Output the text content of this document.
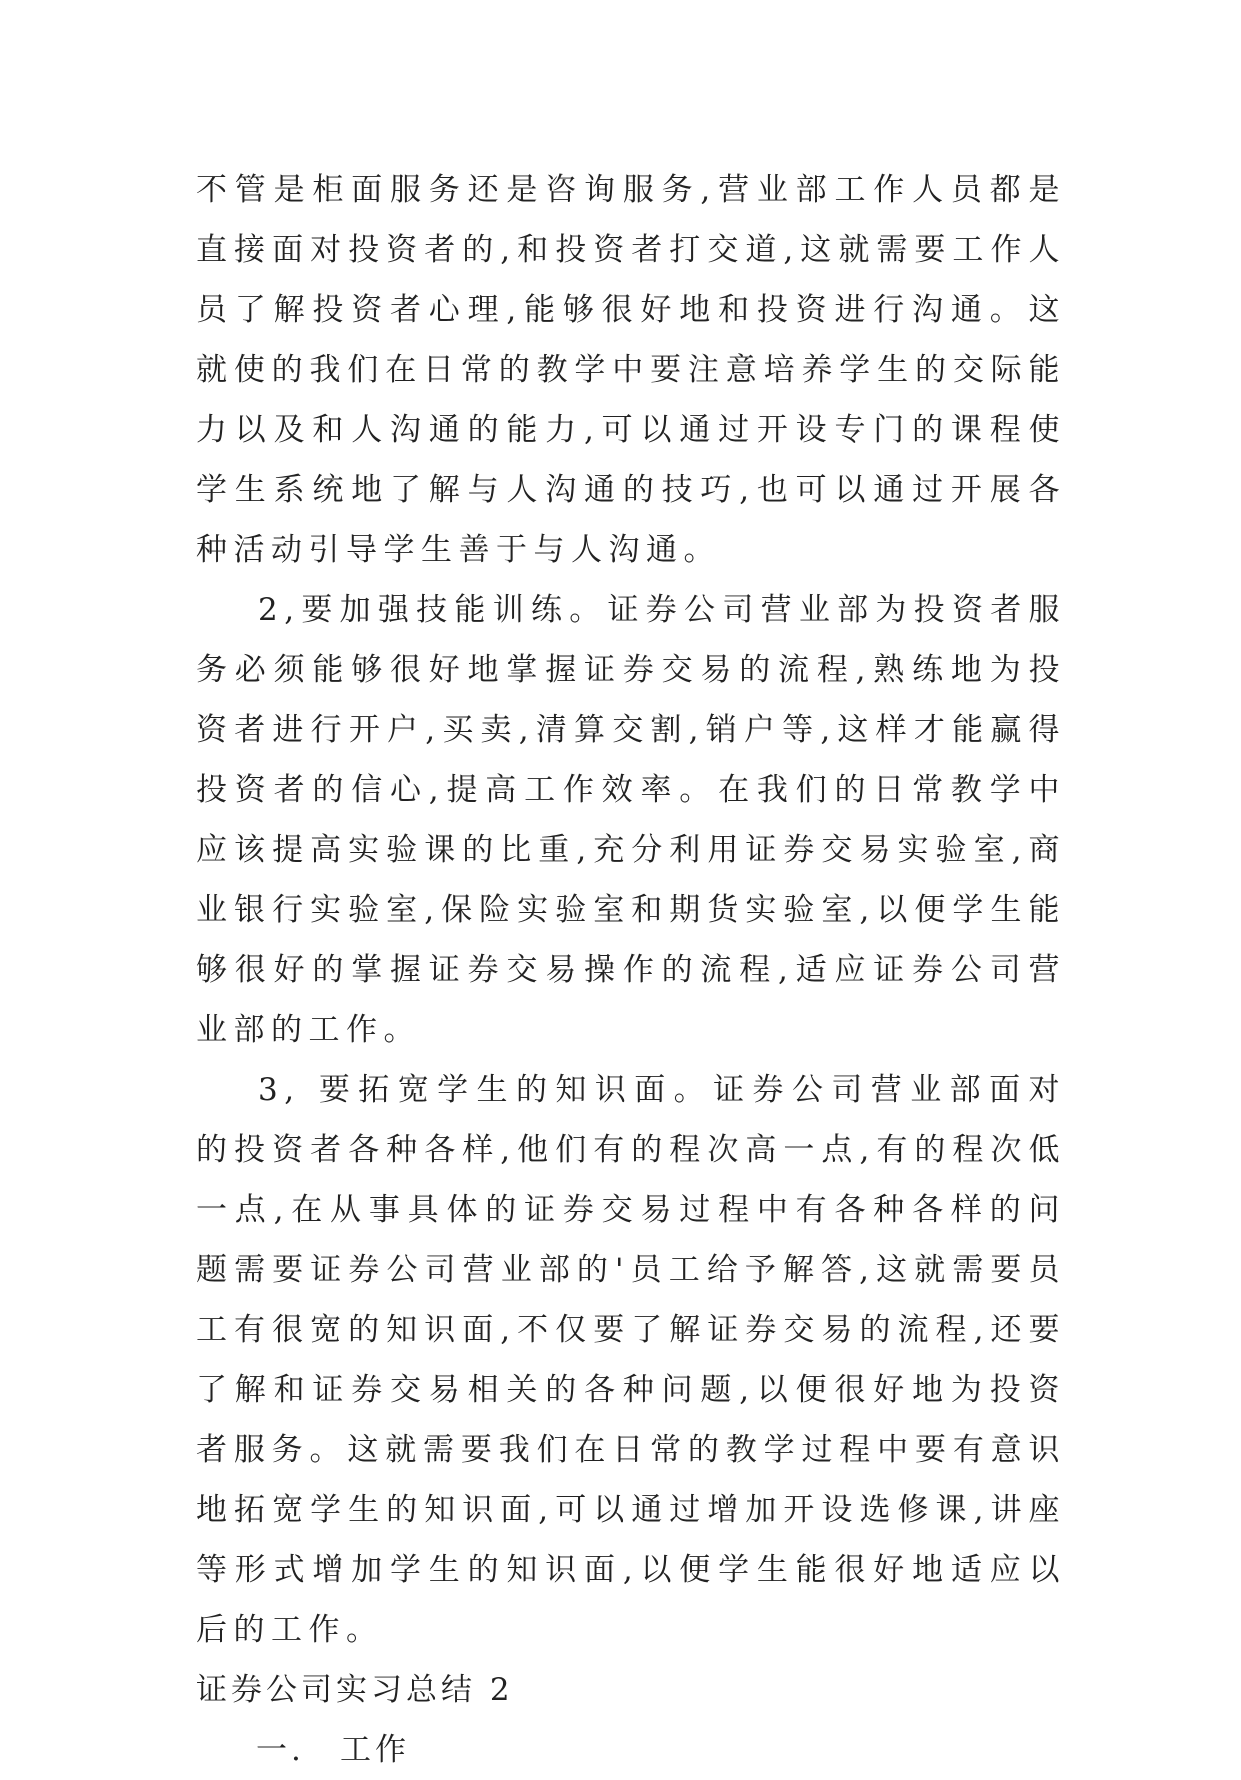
不管是柜面服务还是咨询服务,营业部工作人员都是直接面对投资者的,和投资者打交道,这就需要工作人员了解投资者心理,能够很好地和投资进行沟通。这就使的我们在日常的教学中要注意培养学生的交际能力以及和人沟通的能力,可以通过开设专门的课程使学生系统地了解与人沟通的技巧,也可以通过开展各种活动引导学生善于与人沟通。

2,要加强技能训练。证券公司营业部为投资者服务必须能够很好地掌握证券交易的流程,熟练地为投资者进行开户,买卖,清算交割,销户等,这样才能赢得投资者的信心,提高工作效率。在我们的日常教学中应该提高实验课的比重,充分利用证券交易实验室,商业银行实验室,保险实验室和期货实验室,以便学生能够很好的掌握证券交易操作的流程,适应证券公司营业部的工作。

3, 要拓宽学生的知识面。证券公司营业部面对的投资者各种各样,他们有的程次高一点,有的程次低一点,在从事具体的证券交易过程中有各种各样的问题需要证券公司营业部的'员工给予解答,这就需要员工有很宽的知识面,不仅要了解证券交易的流程,还要了解和证券交易相关的各种问题,以便很好地为投资者服务。这就需要我们在日常的教学过程中要有意识地拓宽学生的知识面,可以通过增加开设选修课,讲座等形式增加学生的知识面,以便学生能很好地适应以后的工作。

证券公司实习总结 2

一. 工作
